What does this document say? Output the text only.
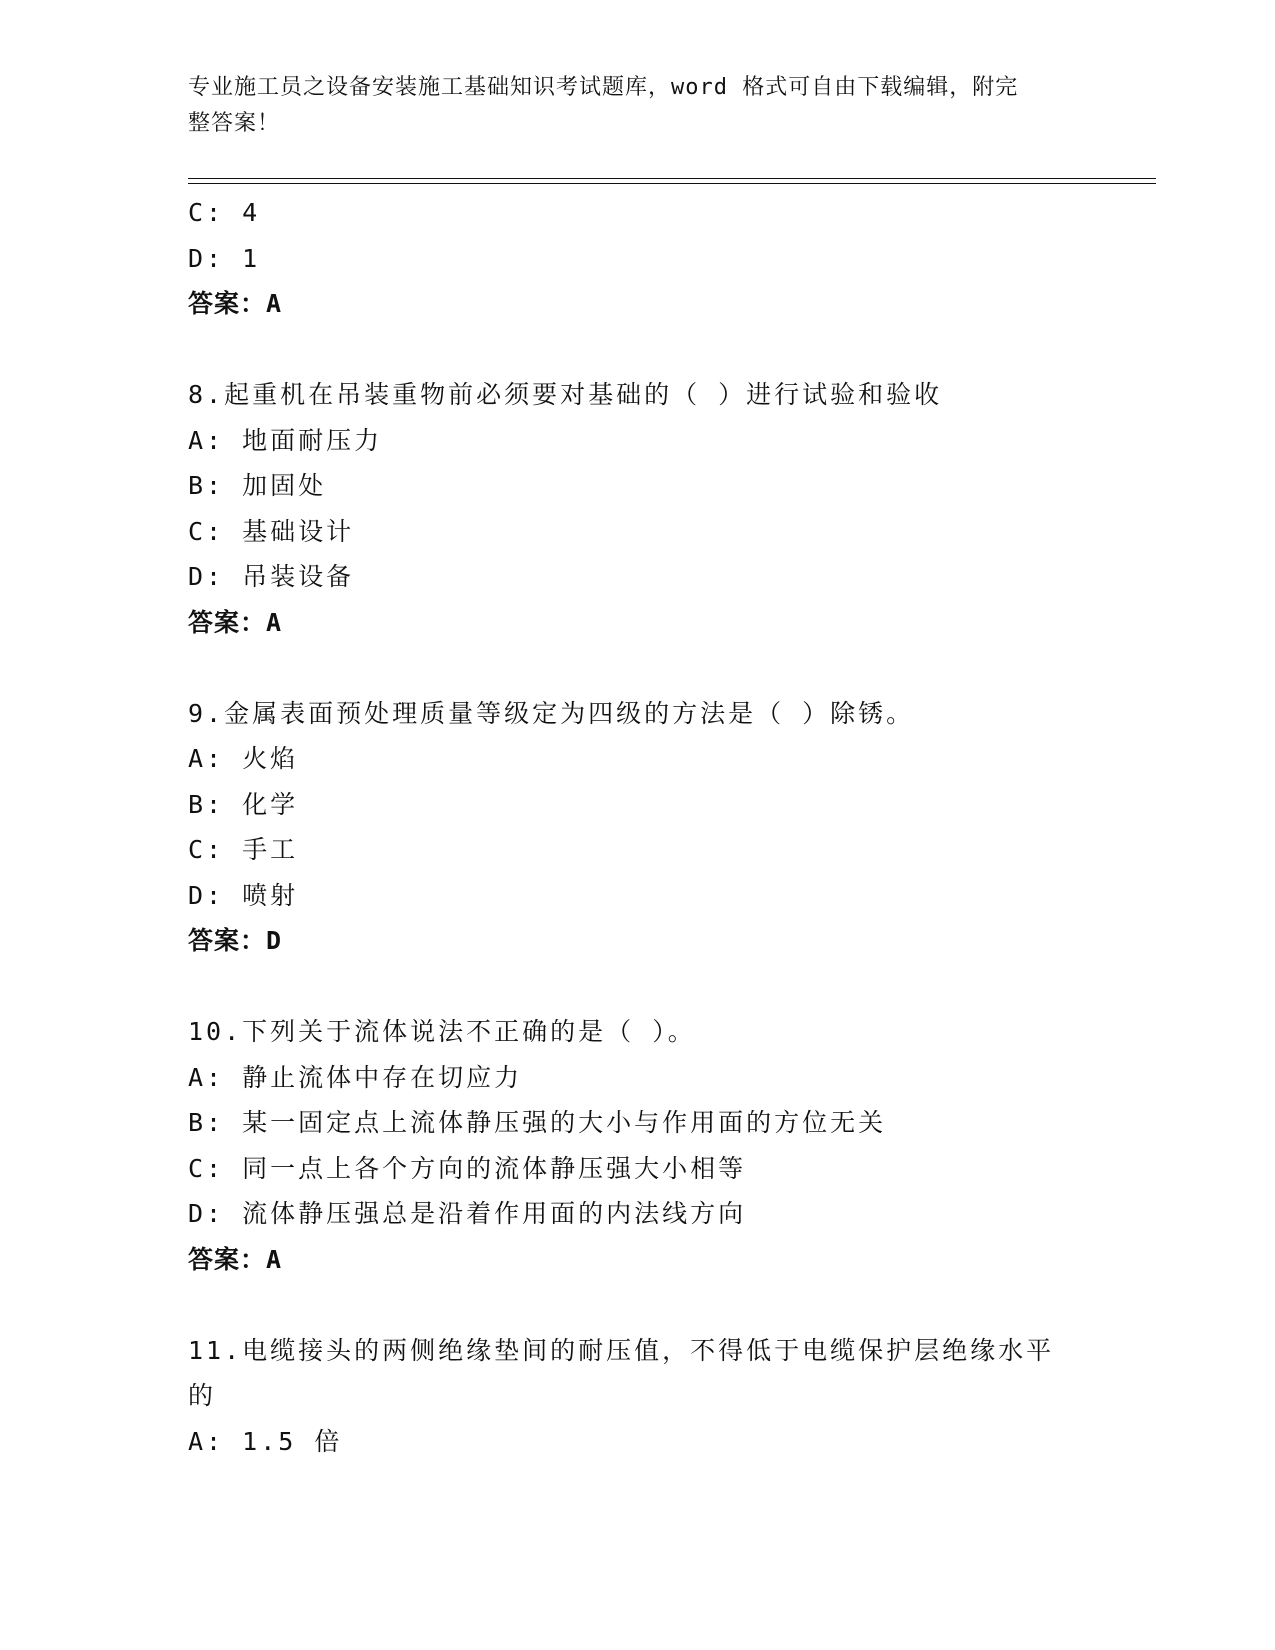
专业施工员之设备安装施工基础知识考试题库，word 格式可自由下载编辑，附完
整答案！
C: 4
D: 1
答案：A
8.起重机在吊装重物前必须要对基础的（ ）进行试验和验收
A: 地面耐压力
B: 加固处
C: 基础设计
D: 吊装设备
答案：A
9.金属表面预处理质量等级定为四级的方法是（ ）除锈。
A: 火焰
B: 化学
C: 手工
D: 喷射
答案：D
10.下列关于流体说法不正确的是（ ）。
A: 静止流体中存在切应力
B: 某一固定点上流体静压强的大小与作用面的方位无关
C: 同一点上各个方向的流体静压强大小相等
D: 流体静压强总是沿着作用面的内法线方向
答案：A
11.电缆接头的两侧绝缘垫间的耐压值，不得低于电缆保护层绝缘水平
的
A: 1.5 倍
